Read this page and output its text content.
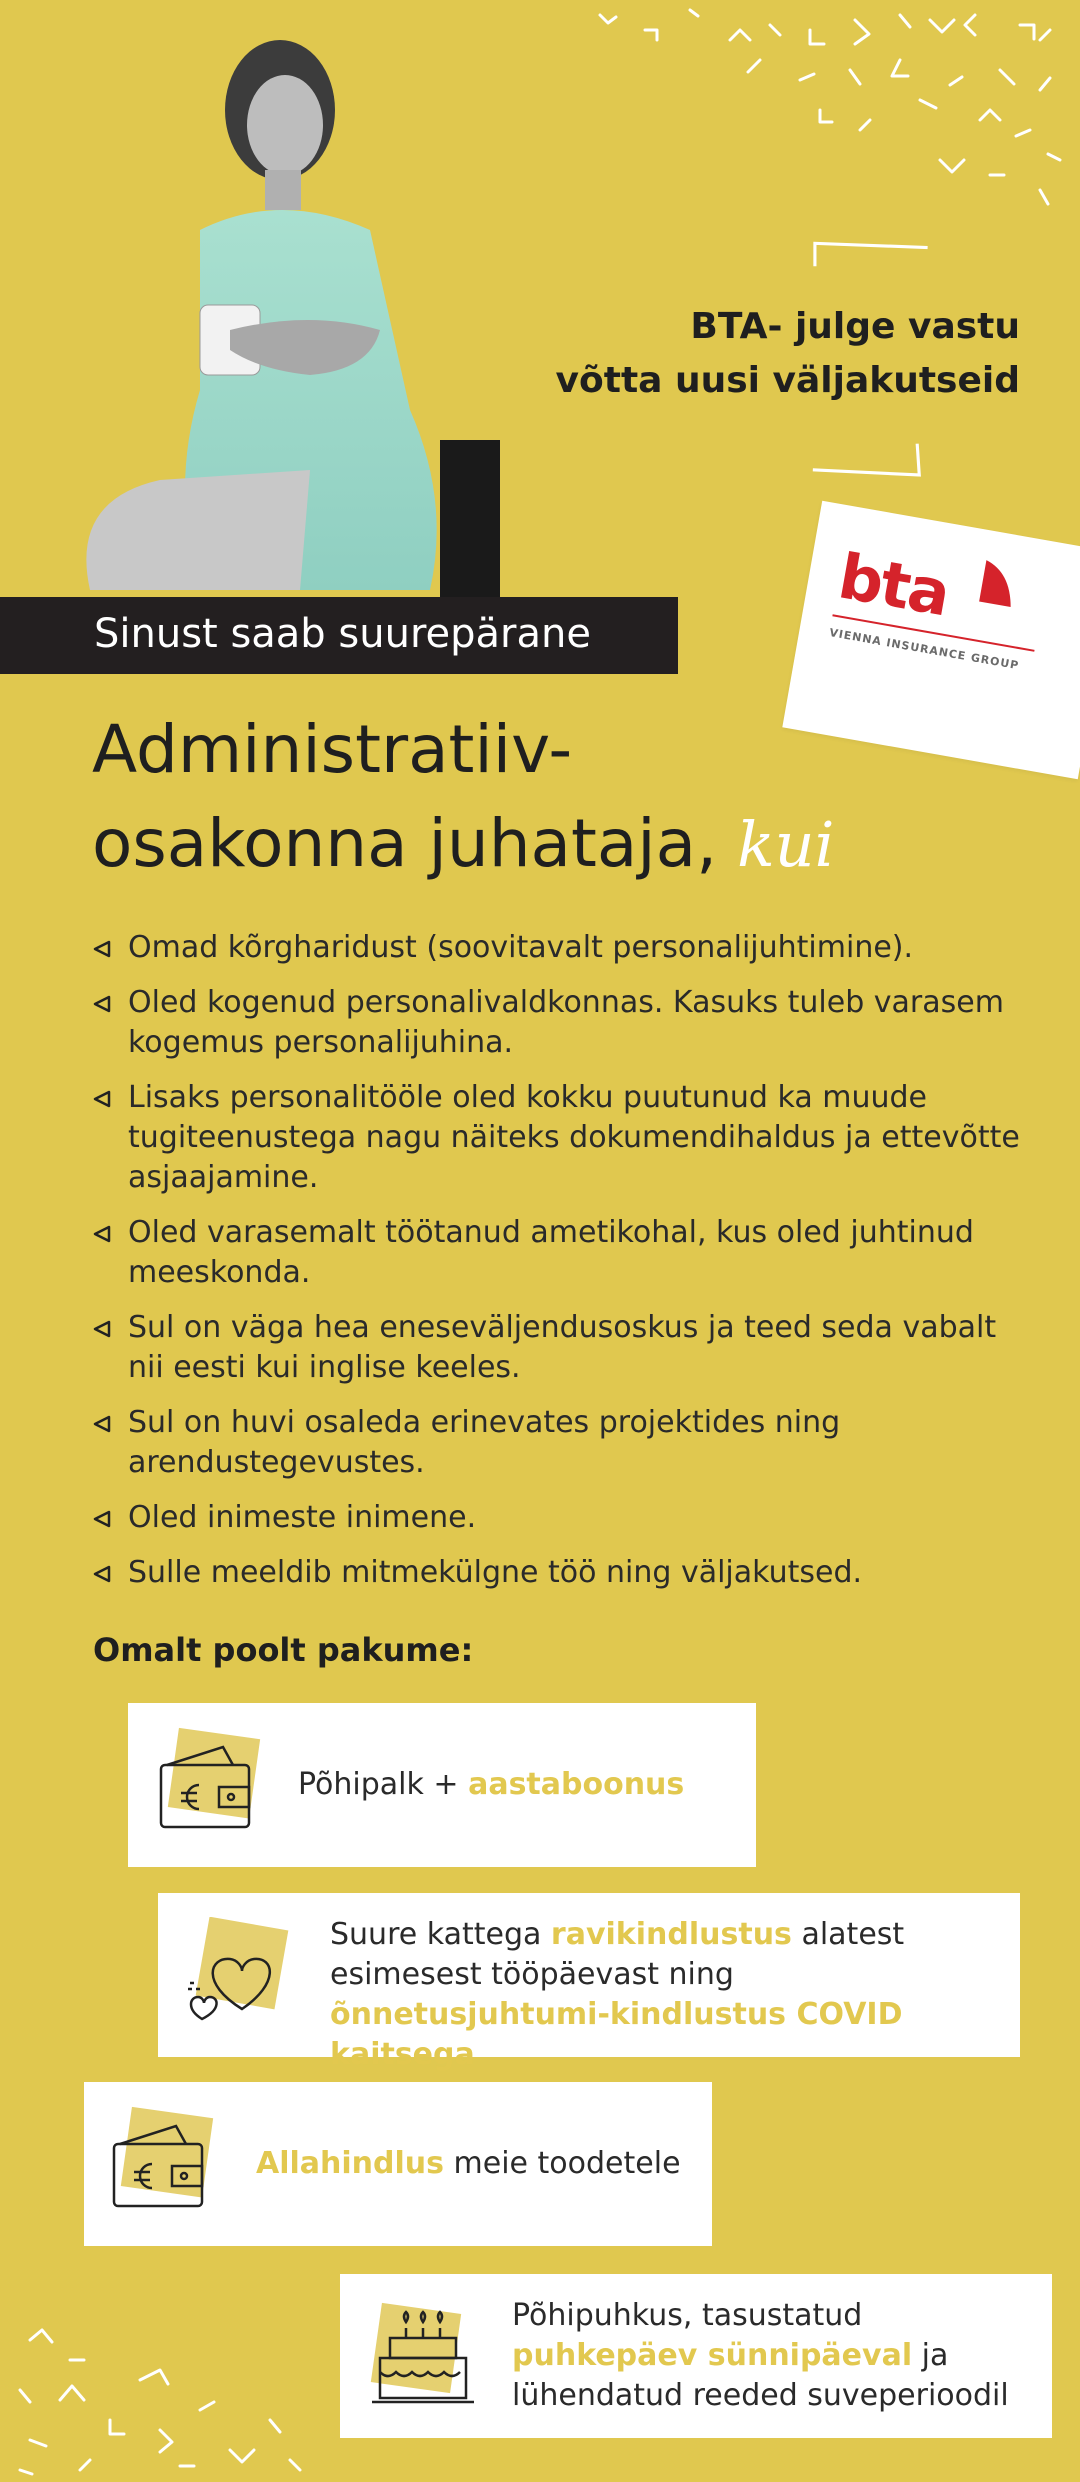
BTA- julge vastu
võtta uusi väljakutseid
bta
VIENNA INSURANCE GROUP
Sinust saab suurepärane
Administratiiv-
osakonna juhataja, kui
Omad kõrgharidust (soovitavalt personalijuhtimine).
Oled kogenud personalivaldkonnas. Kasuks tuleb varasem kogemus personalijuhina.
Lisaks personalitööle oled kokku puutunud ka muude tugiteenustega nagu näiteks dokumendihaldus ja ettevõtte asjaajamine.
Oled varasemalt töötanud ametikohal, kus oled juhtinud meeskonda.
Sul on väga hea eneseväljendusoskus ja teed seda vabalt nii eesti kui inglise keeles.
Sul on huvi osaleda erinevates projektides ning arendustegevustes.
Oled inimeste inimene.
Sulle meeldib mitmekülgne töö ning väljakutsed.
Omalt poolt pakume:
Põhipalk + aastaboonus
Suure kattega ravikindlustus alatest esimesest tööpäevast ning õnnetusjuhtumi-kindlustus COVID kaitsega
Allahindlus meie toodetele
Põhipuhkus, tasustatud puhkepäev sünnipäeval ja lühendatud reeded suveperioodil
